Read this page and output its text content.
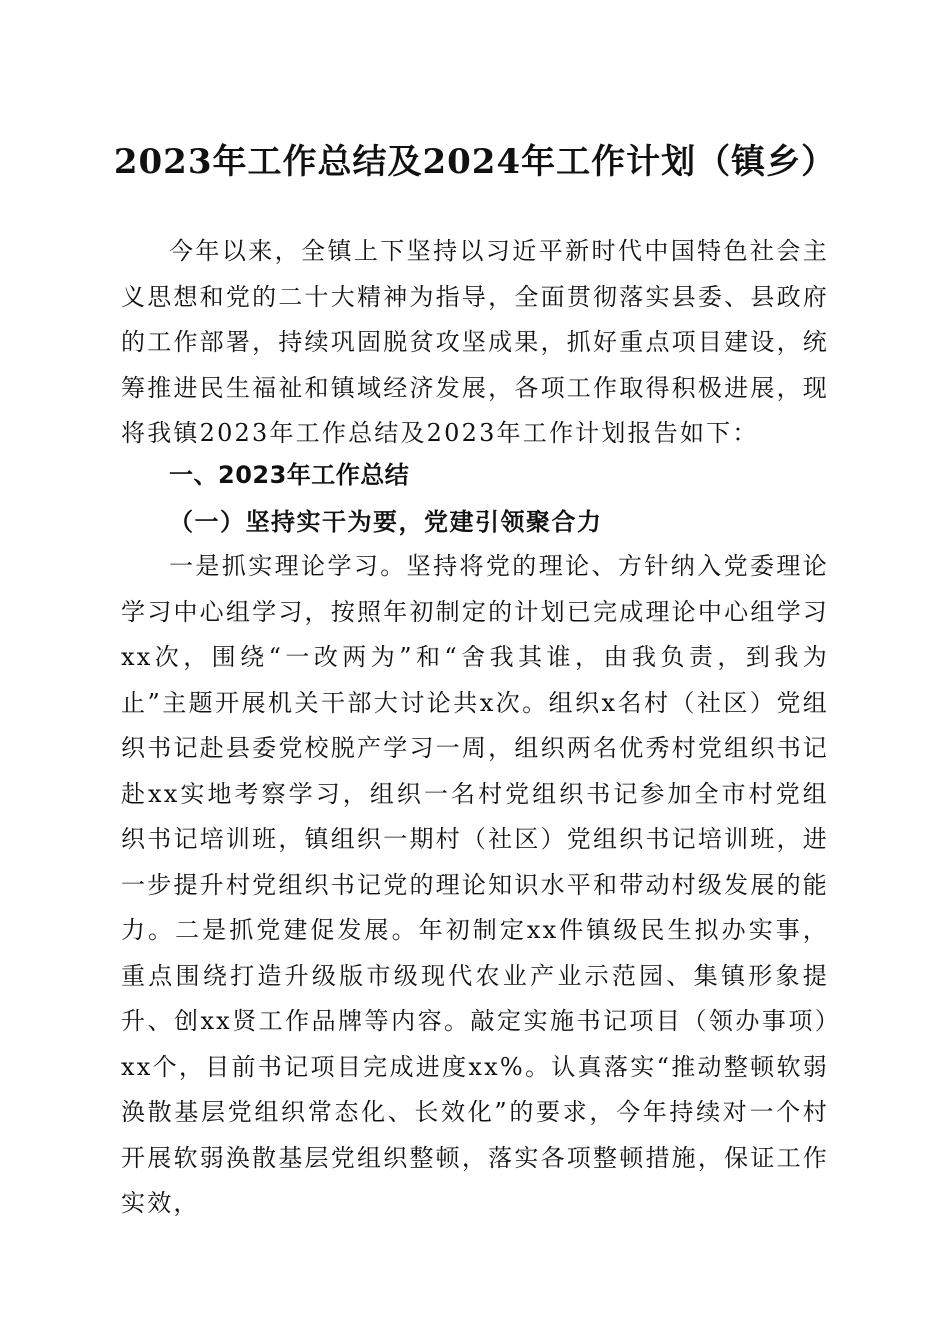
2023年工作总结及2024年工作计划（镇乡）

今年以来，全镇上下坚持以习近平新时代中国特色社会主义思想和党的二十大精神为指导，全面贯彻落实县委、县政府的工作部署，持续巩固脱贫攻坚成果，抓好重点项目建设，统筹推进民生福祉和镇域经济发展，各项工作取得积极进展，现将我镇2023年工作总结及2023年工作计划报告如下：

一、2023年工作总结
（一）坚持实干为要，党建引领聚合力

一是抓实理论学习。坚持将党的理论、方针纳入党委理论学习中心组学习，按照年初制定的计划已完成理论中心组学习xx次，围绕“一改两为”和“舍我其谁，由我负责，到我为止”主题开展机关干部大讨论共x次。组织x名村（社区）党组织书记赴县委党校脱产学习一周，组织两名优秀村党组织书记赴xx实地考察学习，组织一名村党组织书记参加全市村党组织书记培训班，镇组织一期村（社区）党组织书记培训班，进一步提升村党组织书记党的理论知识水平和带动村级发展的能力。二是抓党建促发展。年初制定xx件镇级民生拟办实事，重点围绕打造升级版市级现代农业产业示范园、集镇形象提升、创xx贤工作品牌等内容。敲定实施书记项目（领办事项）xx个，目前书记项目完成进度xx%。认真落实“推动整顿软弱涣散基层党组织常态化、长效化”的要求，今年持续对一个村开展软弱涣散基层党组织整顿，落实各项整顿措施，保证工作实效，
